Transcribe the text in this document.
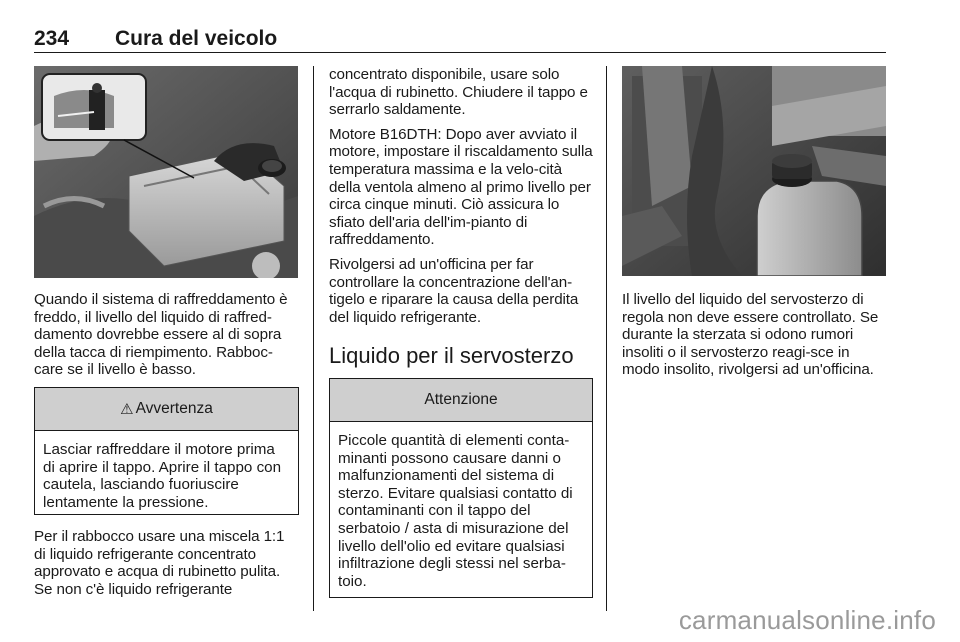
234 Cura del veicolo

Quando il sistema di raffreddamento è freddo, il livello del liquido di raffred-damento dovrebbe essere al di sopra della tacca di riempimento. Rabboc-care se il livello è basso.

⚠ Avvertenza
Lasciar raffreddare il motore prima di aprire il tappo. Aprire il tappo con cautela, lasciando fuoriuscire lentamente la pressione.

Per il rabbocco usare una miscela 1:1 di liquido refrigerante concentrato approvato e acqua di rubinetto pulita. Se non c'è liquido refrigerante

concentrato disponibile, usare solo l'acqua di rubinetto. Chiudere il tappo e serrarlo saldamente.

Motore B16DTH: Dopo aver avviato il motore, impostare il riscaldamento sulla temperatura massima e la velo-cità della ventola almeno al primo livello per circa cinque minuti. Ciò assicura lo sfiato dell'aria dell'im-pianto di raffreddamento.

Rivolgersi ad un'officina per far controllare la concentrazione dell'an-tigelo e riparare la causa della perdita del liquido refrigerante.

Liquido per il servosterzo
Attenzione
Piccole quantità di elementi conta-minanti possono causare danni o malfunzionamenti del sistema di sterzo. Evitare qualsiasi contatto di contaminanti con il tappo del serbatoio / asta di misurazione del livello dell'olio ed evitare qualsiasi infiltrazione degli stessi nel serba-toio.

Il livello del liquido del servosterzo di regola non deve essere controllato. Se durante la sterzata si odono rumori insoliti o il servosterzo reagi-sce in modo insolito, rivolgersi ad un'officina.

carmanualsonline.info
